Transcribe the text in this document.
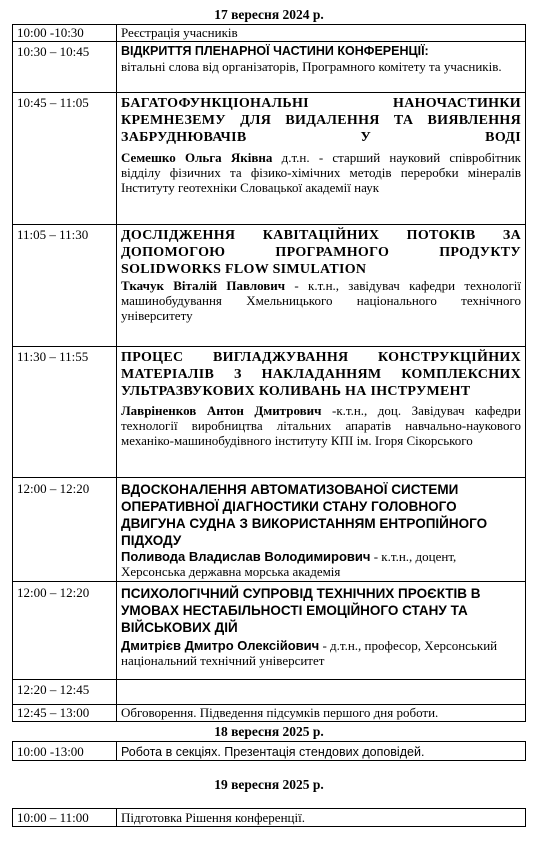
17 вересня 2024 р.
10:00 -10:30	Реєстрація учасників
10:30 – 10:45	ВІДКРИТТЯ ПЛЕНАРНОЇ ЧАСТИНИ КОНФЕРЕНЦІЇ:
вітальні слова від організаторів, Програмного комітету та учасників.

10:45 – 11:05	БАГАТОФУНКЦІОНАЛЬНІ НАНОЧАСТИНКИ КРЕМНЕЗЕМУ ДЛЯ ВИДАЛЕННЯ ТА ВИЯВЛЕННЯ ЗАБРУДНЮВАЧІВ У ВОДІ
Семешко Ольга Яківна д.т.н. - старший науковий співробітник відділу фізичних та фізико-хімічних методів переробки мінералів Інституту геотехніки Словацької академії наук

11:05 – 11:30	ДОСЛІДЖЕННЯ КАВІТАЦІЙНИХ ПОТОКІВ ЗА ДОПОМОГОЮ ПРОГРАМНОГО ПРОДУКТУ SOLIDWORKS FLOW SIMULATION
Ткачук Віталій Павлович - к.т.н., завідувач кафедри технології машинобудування Хмельницького національного технічного університету

11:30 – 11:55	ПРОЦЕС ВИГЛАДЖУВАННЯ КОНСТРУКЦІЙНИХ МАТЕРІАЛІВ З НАКЛАДАННЯМ КОМПЛЕКСНИХ УЛЬТРАЗВУКОВИХ КОЛИВАНЬ НА ІНСТРУМЕНТ
Лавріненков Антон Дмитрович -к.т.н., доц. Завідувач кафедри технології виробництва літальних апаратів навчально-наукового механіко-машинобудівного інституту КПІ ім. Ігоря Сікорського

12:00 – 12:20	ВДОСКОНАЛЕННЯ АВТОМАТИЗОВАНОЇ СИСТЕМИ ОПЕРАТИВНОЇ ДІАГНОСТИКИ СТАНУ ГОЛОВНОГО ДВИГУНА СУДНА З ВИКОРИСТАННЯМ ЕНТРОПІЙНОГО ПІДХОДУ
Поливода Владислав Володимирович - к.т.н., доцент, Херсонська державна морська академія

12:00 – 12:20	ПСИХОЛОГІЧНИЙ СУПРОВІД ТЕХНІЧНИХ ПРОЄКТІВ В УМОВАХ НЕСТАБІЛЬНОСТІ ЕМОЦІЙНОГО СТАНУ ТА ВІЙСЬКОВИХ ДІЙ
Дмитрієв Дмитро Олексійович - д.т.н., професор, Херсонський національний технічний університет

12:20 – 12:45	
12:45 – 13:00	Обговорення. Підведення підсумків першого дня роботи.
18 вересня 2025 р.
10:00 -13:00	Робота в секціях. Презентація стендових доповідей.
19 вересня 2025 р.
10:00 – 11:00	Підготовка Рішення конференції.
